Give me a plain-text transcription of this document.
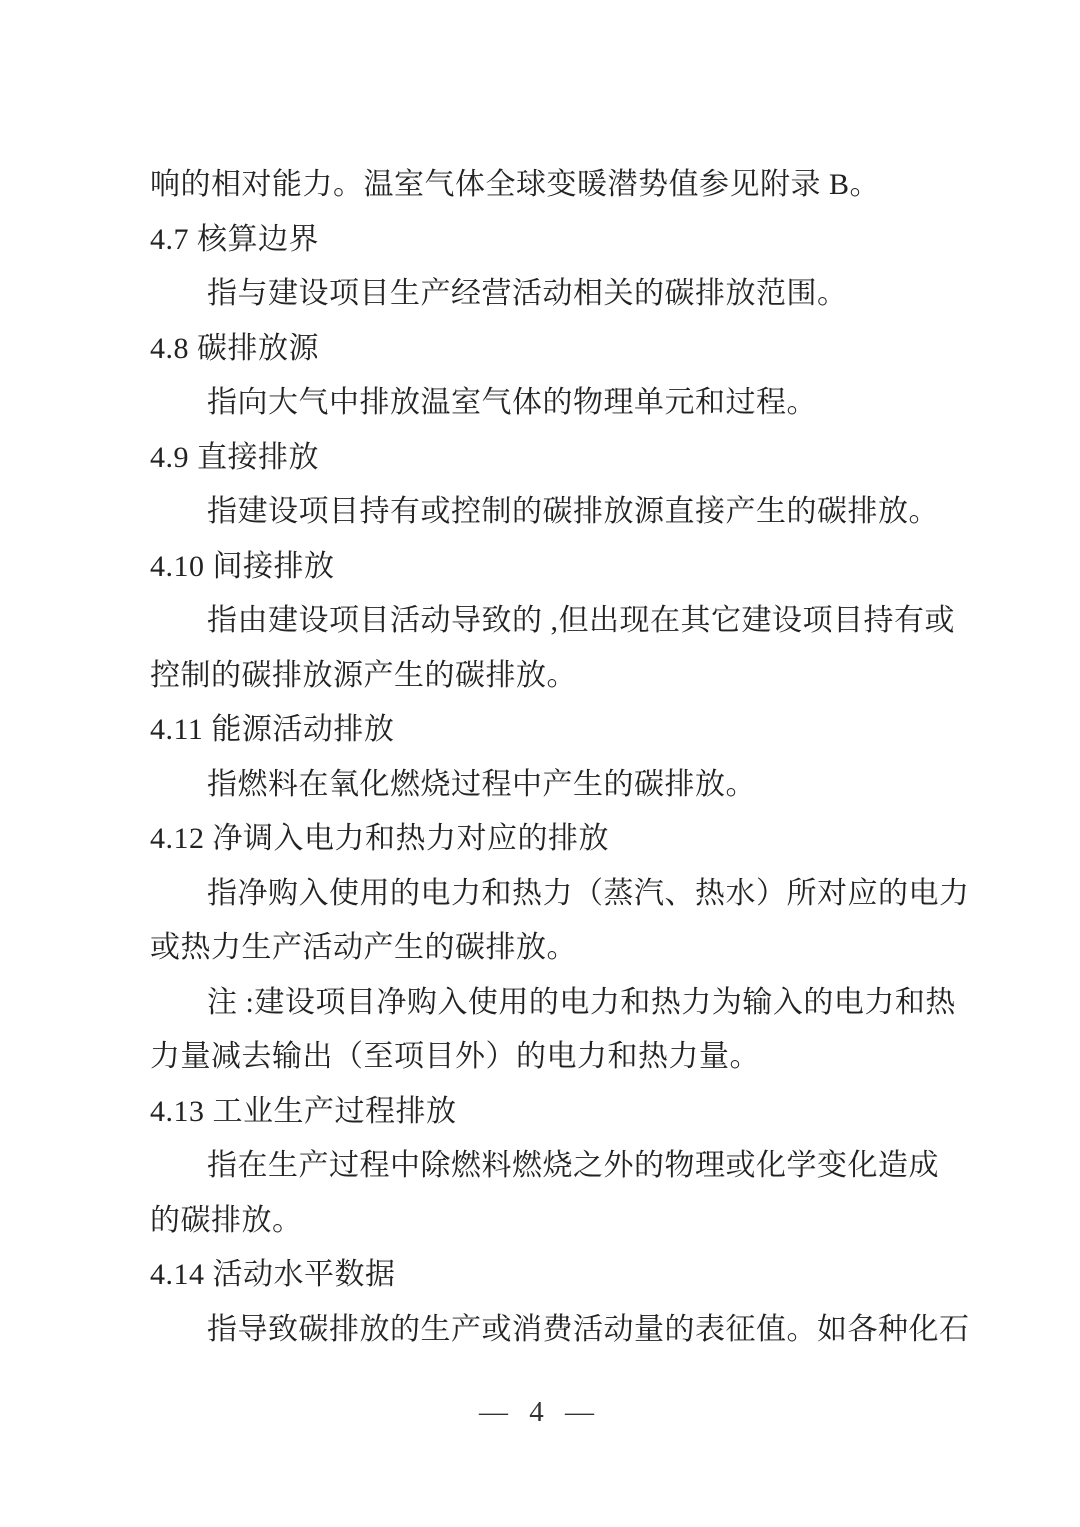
响的相对能力。温室气体全球变暖潜势值参见附录 B。
4.7 核算边界
指与建设项目生产经营活动相关的碳排放范围。
4.8 碳排放源
指向大气中排放温室气体的物理单元和过程。
4.9 直接排放
指建设项目持有或控制的碳排放源直接产生的碳排放。
4.10 间接排放
指由建设项目活动导致的 ,但出现在其它建设项目持有或
控制的碳排放源产生的碳排放。
4.11 能源活动排放
指燃料在氧化燃烧过程中产生的碳排放。
4.12 净调入电力和热力对应的排放
指净购入使用的电力和热力（蒸汽、热水）所对应的电力
或热力生产活动产生的碳排放。
注 :建设项目净购入使用的电力和热力为输入的电力和热
力量减去输出（至项目外）的电力和热力量。
4.13 工业生产过程排放
指在生产过程中除燃料燃烧之外的物理或化学变化造成
的碳排放。
4.14 活动水平数据
指导致碳排放的生产或消费活动量的表征值。如各种化石
— 4 —
